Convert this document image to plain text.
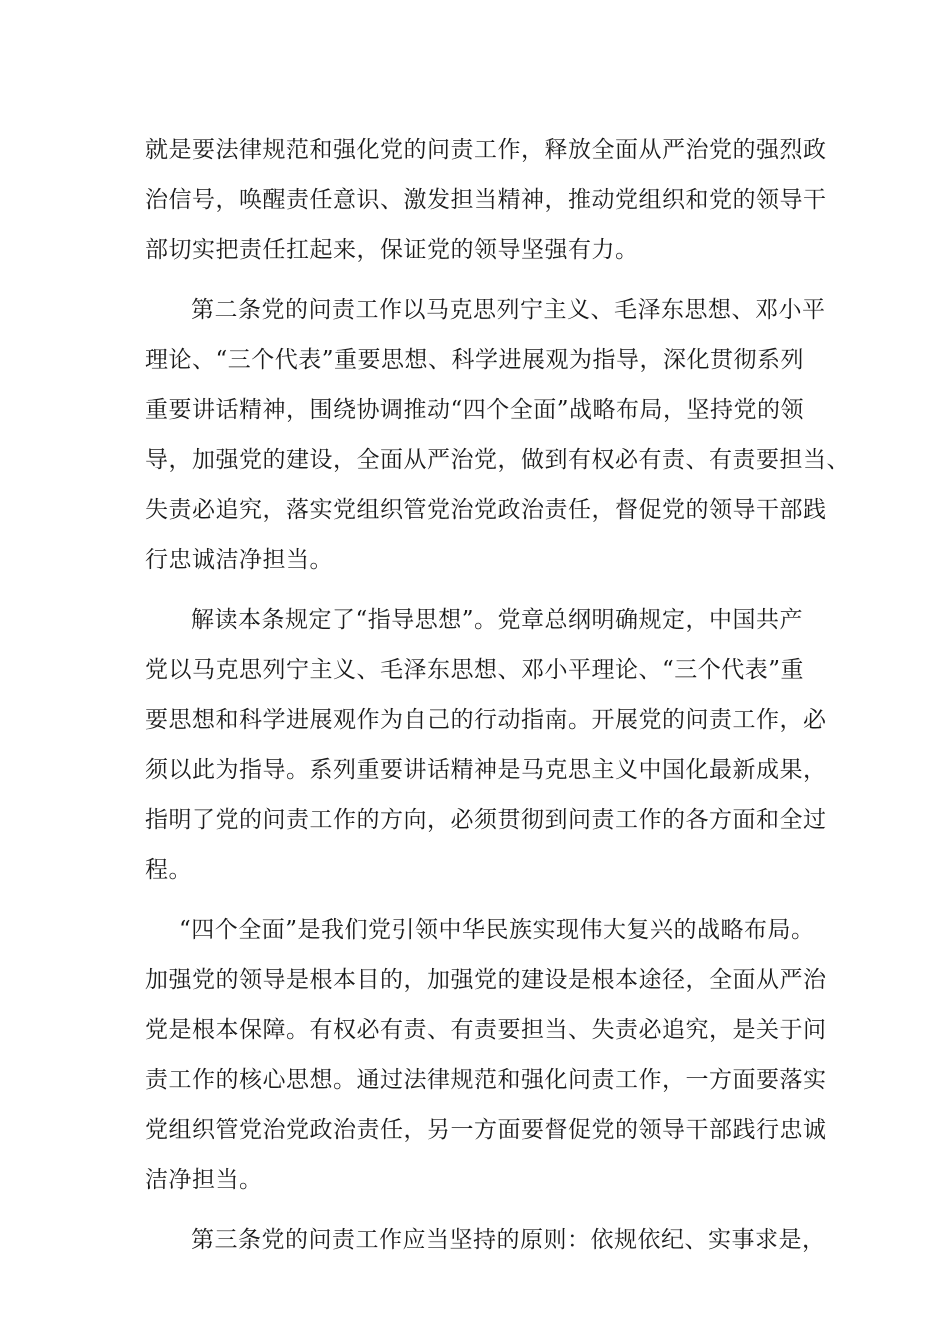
就是要法律规范和强化党的问责工作，释放全面从严治党的强烈政
治信号，唤醒责任意识、激发担当精神，推动党组织和党的领导干
部切实把责任扛起来，保证党的领导坚强有力。
第二条党的问责工作以马克思列宁主义、毛泽东思想、邓小平
理论、“三个代表”重要思想、科学进展观为指导，深化贯彻系列
重要讲话精神，围绕协调推动“四个全面”战略布局，坚持党的领
导，加强党的建设，全面从严治党，做到有权必有责、有责要担当、
失责必追究，落实党组织管党治党政治责任，督促党的领导干部践
行忠诚洁净担当。
解读本条规定了“指导思想”。党章总纲明确规定，中国共产
党以马克思列宁主义、毛泽东思想、邓小平理论、“三个代表”重
要思想和科学进展观作为自己的行动指南。开展党的问责工作，必
须以此为指导。系列重要讲话精神是马克思主义中国化最新成果，
指明了党的问责工作的方向，必须贯彻到问责工作的各方面和全过
程。
“四个全面”是我们党引领中华民族实现伟大复兴的战略布局。
加强党的领导是根本目的，加强党的建设是根本途径，全面从严治
党是根本保障。有权必有责、有责要担当、失责必追究，是关于问
责工作的核心思想。通过法律规范和强化问责工作，一方面要落实
党组织管党治党政治责任，另一方面要督促党的领导干部践行忠诚
洁净担当。
第三条党的问责工作应当坚持的原则：依规依纪、实事求是，
